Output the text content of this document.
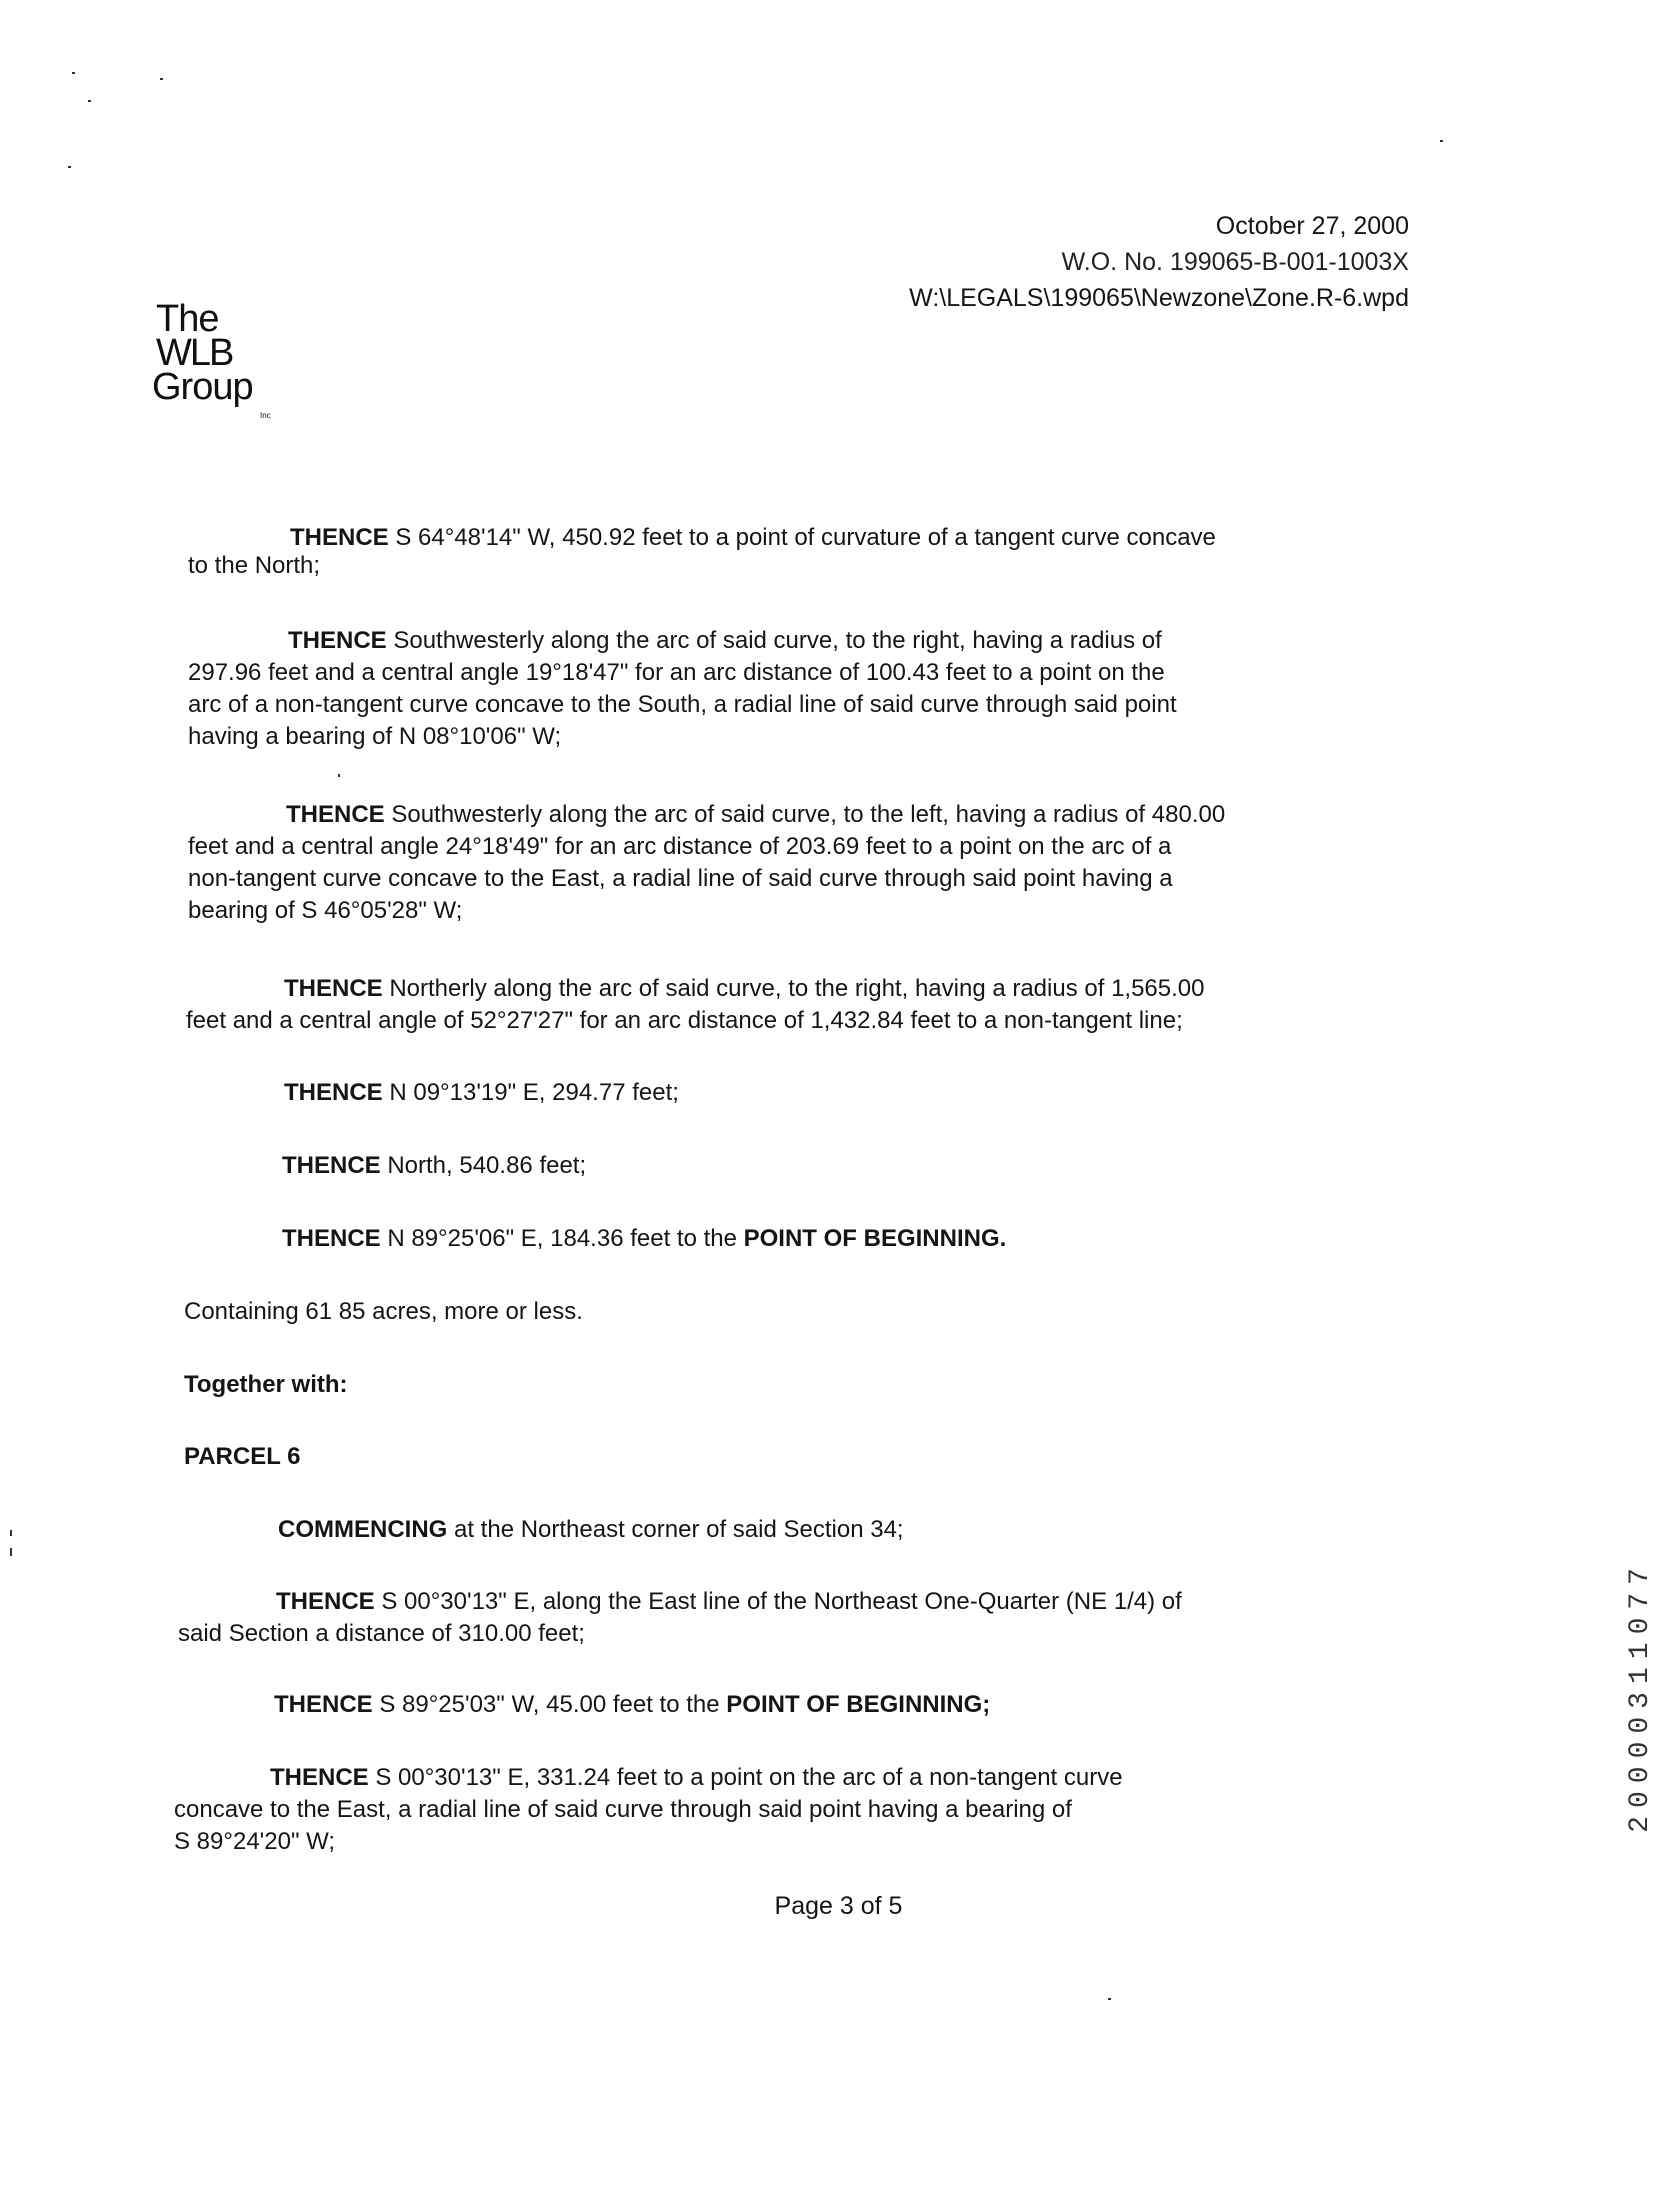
October 27, 2000
W.O. No. 199065-B-001-1003X
W:\LEGALS\199065\Newzone\Zone.R-6.wpd
The
WLB
Group
Inc
THENCE S 64°48'14" W, 450.92 feet to a point of curvature of a tangent curve concave
to the North;
THENCE Southwesterly along the arc of said curve, to the right, having a radius of
297.96 feet and a central angle 19°18'47" for an arc distance of 100.43 feet to a point on the
arc of a non-tangent curve concave to the South, a radial line of said curve through said point
having a bearing of N 08°10'06" W;
THENCE Southwesterly along the arc of said curve, to the left, having a radius of 480.00
feet and a central angle 24°18'49" for an arc distance of 203.69 feet to a point on the arc of a
non-tangent curve concave to the East, a radial line of said curve through said point having a
bearing of S 46°05'28" W;
THENCE Northerly along the arc of said curve, to the right, having a radius of 1,565.00
feet and a central angle of 52°27'27" for an arc distance of 1,432.84 feet to a non-tangent line;
THENCE N 09°13'19" E, 294.77 feet;
THENCE North, 540.86 feet;
THENCE N 89°25'06" E, 184.36 feet to the POINT OF BEGINNING.
Containing 61 85 acres, more or less.
Together with:
PARCEL 6
COMMENCING at the Northeast corner of said Section 34;
THENCE S 00°30'13" E, along the East line of the Northeast One-Quarter (NE 1/4) of
said Section a distance of 310.00 feet;
THENCE S 89°25'03" W, 45.00 feet to the POINT OF BEGINNING;
THENCE S 00°30'13" E, 331.24 feet to a point on the arc of a non-tangent curve
concave to the East, a radial line of said curve through said point having a bearing of
S 89°24'20" W;
Page 3 of 5
20000311077
